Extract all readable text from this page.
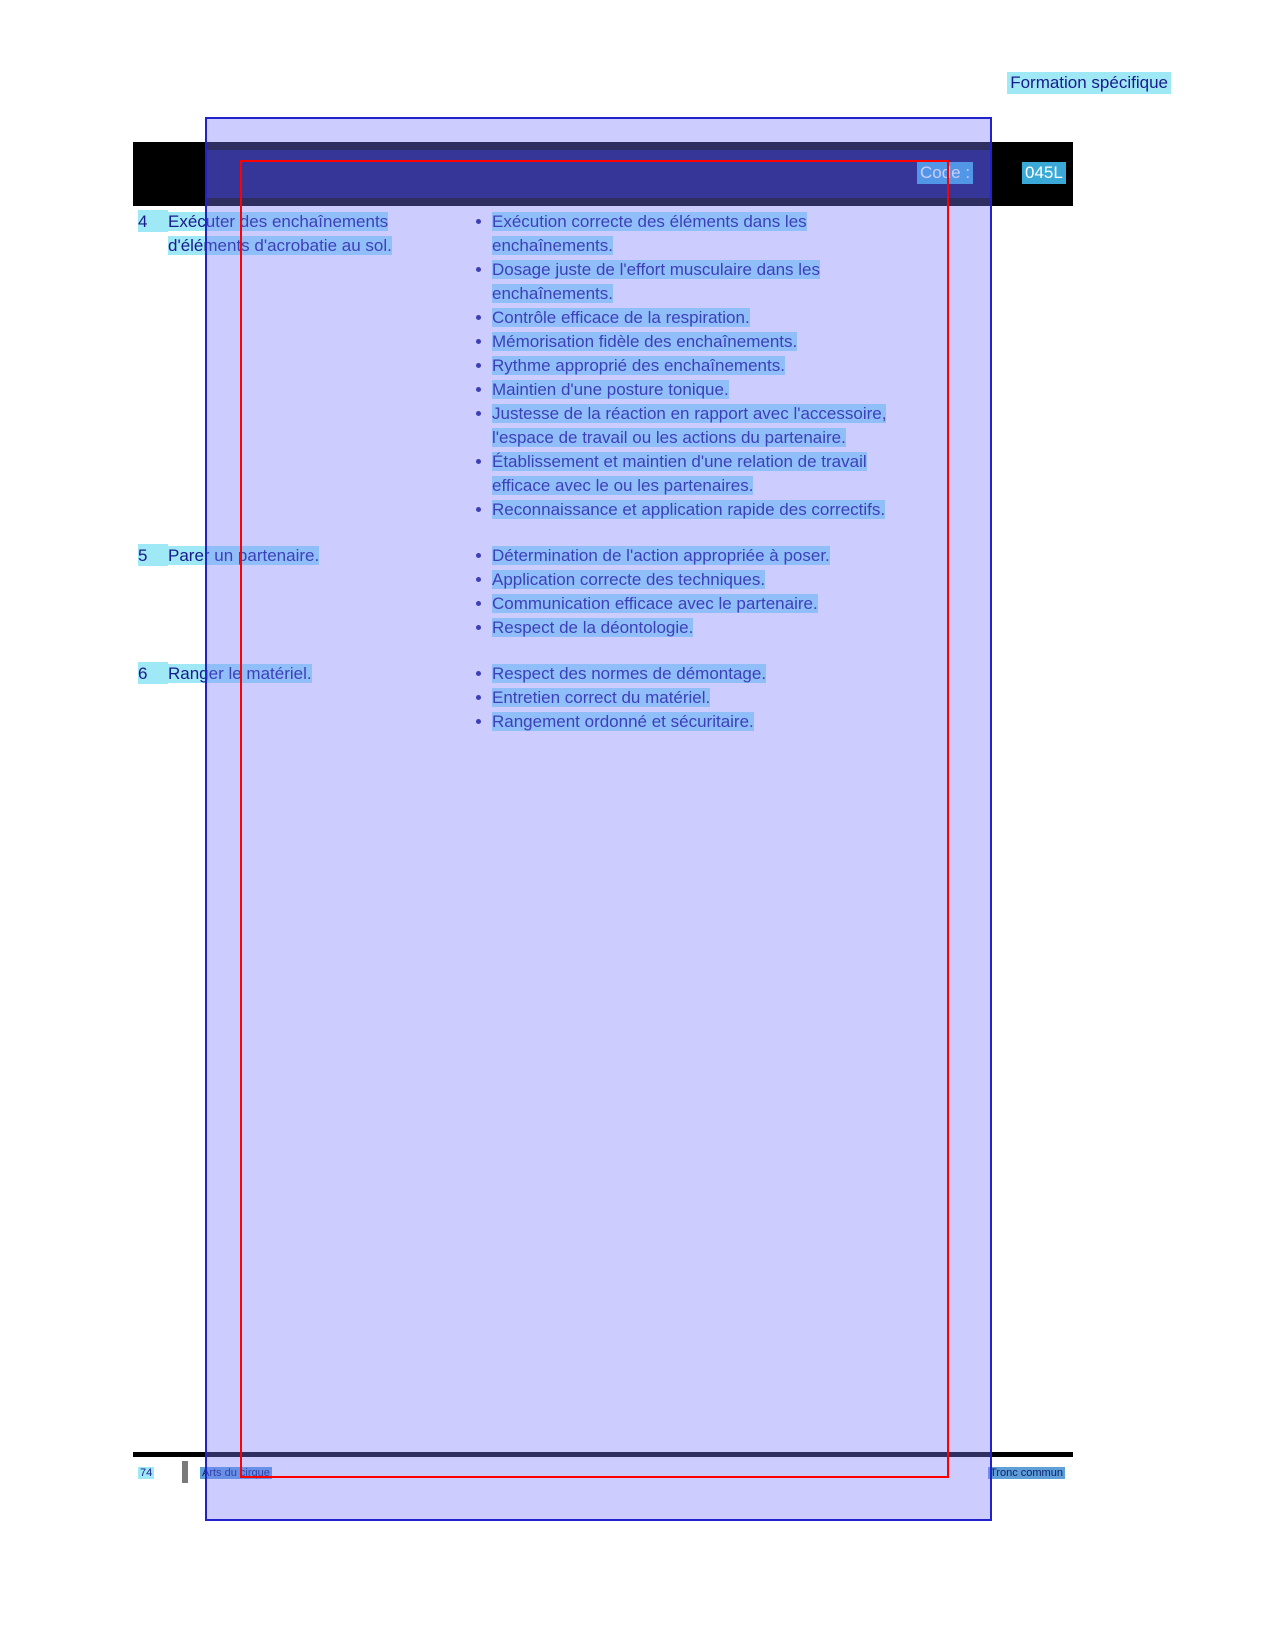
Formation spécifique
Code :	045L
4	Exécuter des enchaînements d'éléments d'acrobatie au sol.
Exécution correcte des éléments dans les enchaînements.
Dosage juste de l'effort musculaire dans les enchaînements.
Contrôle efficace de la respiration.
Mémorisation fidèle des enchaînements.
Rythme approprié des enchaînements.
Maintien d'une posture tonique.
Justesse de la réaction en rapport avec l'accessoire, l'espace de travail ou les actions du partenaire.
Établissement et maintien d'une relation de travail efficace avec le ou les partenaires.
Reconnaissance et application rapide des correctifs.
5	Parer un partenaire.	Détermination de l'action appropriée à poser.
Application correcte des techniques.
Communication efficace avec le partenaire.
Respect de la déontologie.
6	Ranger le matériel.	Respect des normes de démontage.
Entretien correct du matériel.
Rangement ordonné et sécuritaire.
74	Arts du cirque	Tronc commun
